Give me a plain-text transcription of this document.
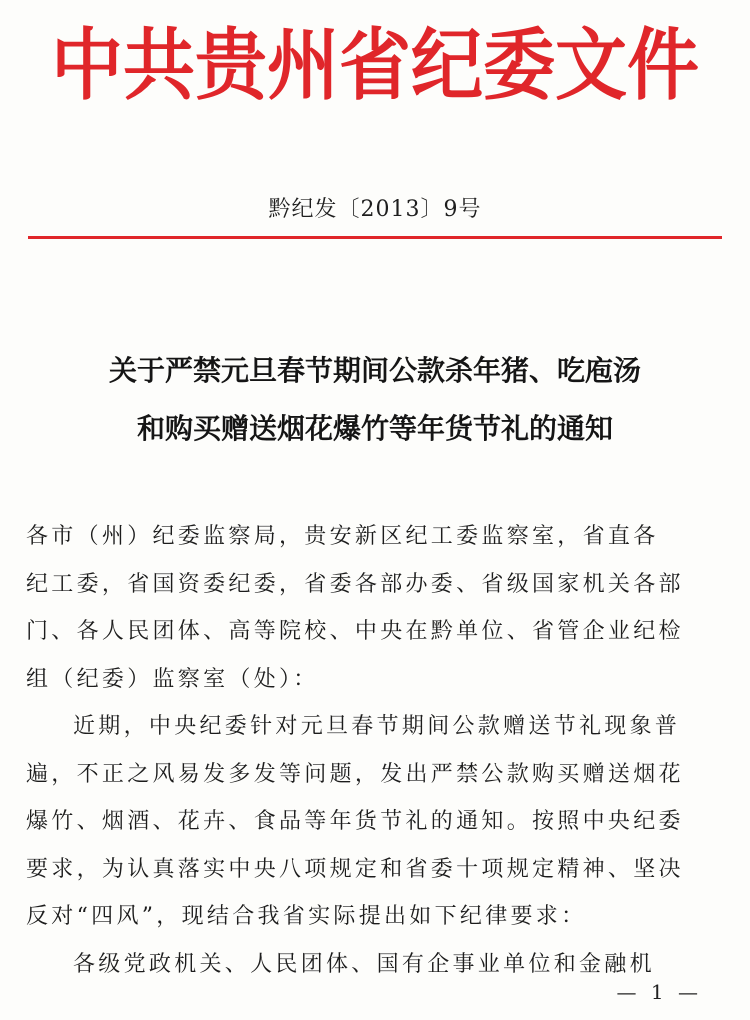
中共贵州省纪委文件
黔纪发〔2013〕9号
关于严禁元旦春节期间公款杀年猪、吃庖汤
和购买赠送烟花爆竹等年货节礼的通知
各市（州）纪委监察局，贵安新区纪工委监察室，省直各
纪工委，省国资委纪委，省委各部办委、省级国家机关各部
门、各人民团体、高等院校、中央在黔单位、省管企业纪检
组（纪委）监察室（处）：
近期，中央纪委针对元旦春节期间公款赠送节礼现象普
遍，不正之风易发多发等问题，发出严禁公款购买赠送烟花
爆竹、烟酒、花卉、食品等年货节礼的通知。按照中央纪委
要求，为认真落实中央八项规定和省委十项规定精神、坚决
反对“四风”，现结合我省实际提出如下纪律要求：
各级党政机关、人民团体、国有企事业单位和金融机
— 1 —
